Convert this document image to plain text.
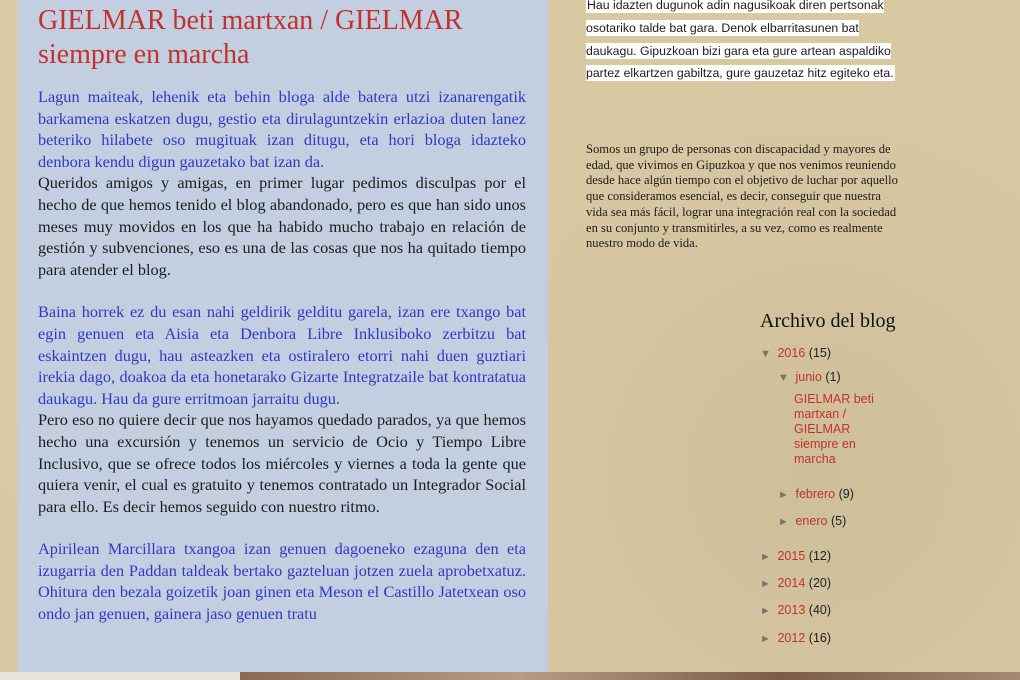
GIELMAR beti martxan / GIELMAR siempre en marcha

Lagun maiteak, lehenik eta behin bloga alde batera utzi izanarengatik barkamena eskatzen dugu, gestio eta dirulaguntzekin erlazioa duten lanez beteriko hilabete oso mugituak izan ditugu, eta hori bloga idazteko denbora kendu digun gauzetako bat izan da.

Queridos amigos y amigas, en primer lugar pedimos disculpas por el hecho de que hemos tenido el blog abandonado, pero es que han sido unos meses muy movidos en los que ha habido mucho trabajo en relación de gestión y subvenciones, eso es una de las cosas que nos ha quitado tiempo para atender el blog.

Baina horrek ez du esan nahi geldirik gelditu garela, izan ere txango bat egin genuen eta Aisia eta Denbora Libre Inklusiboko zerbitzu bat eskaintzen dugu, hau asteazken eta ostiralero etorri nahi duen guztiari irekia dago, doakoa da eta honetarako Gizarte Integratzaile bat kontratatua daukagu. Hau da gure erritmoan jarraitu dugu.

Pero eso no quiere decir que nos hayamos quedado parados, ya que hemos hecho una excursión y tenemos un servicio de Ocio y Tiempo Libre Inclusivo, que se ofrece todos los miércoles y viernes a toda la gente que quiera venir, el cual es gratuito y tenemos contratado un Integrador Social para ello. Es decir hemos seguido con nuestro ritmo.

Apirilean Marcillara txangoa izan genuen dagoeneko ezaguna den eta izugarria den Paddan taldeak bertako gazteluan jotzen zuela aprobetxatuz. Ohitura den bezala goizetik joan ginen eta Meson el Castillo Jatetxean oso ondo jan genuen, gainera jaso genuen tratu

Hau idazten dugunok adin nagusikoak diren pertsonak osotariko talde bat gara. Denok elbarritasunen bat daukagu. Gipuzkoan bizi gara eta gure artean aspaldiko partez elkartzen gabiltza, gure gauzetaz hitz egiteko eta.
Somos un grupo de personas con discapacidad y mayores de edad, que vivimos en Gipuzkoa y que nos venimos reuniendo desde hace algún tiempo con el objetivo de luchar por aquello que consideramos esencial, es decir, conseguir que nuestra vida sea más fácil, lograr una integración real con la sociedad en su conjunto y transmitirles, a su vez, como es realmente nuestro modo de vida.
Archivo del blog
▼ 2016 (15)
▼ junio (1)
GIELMAR beti martxan / GIELMAR siempre en marcha
► febrero (9)
► enero (5)
► 2015 (12)
► 2014 (20)
► 2013 (40)
► 2012 (16)
